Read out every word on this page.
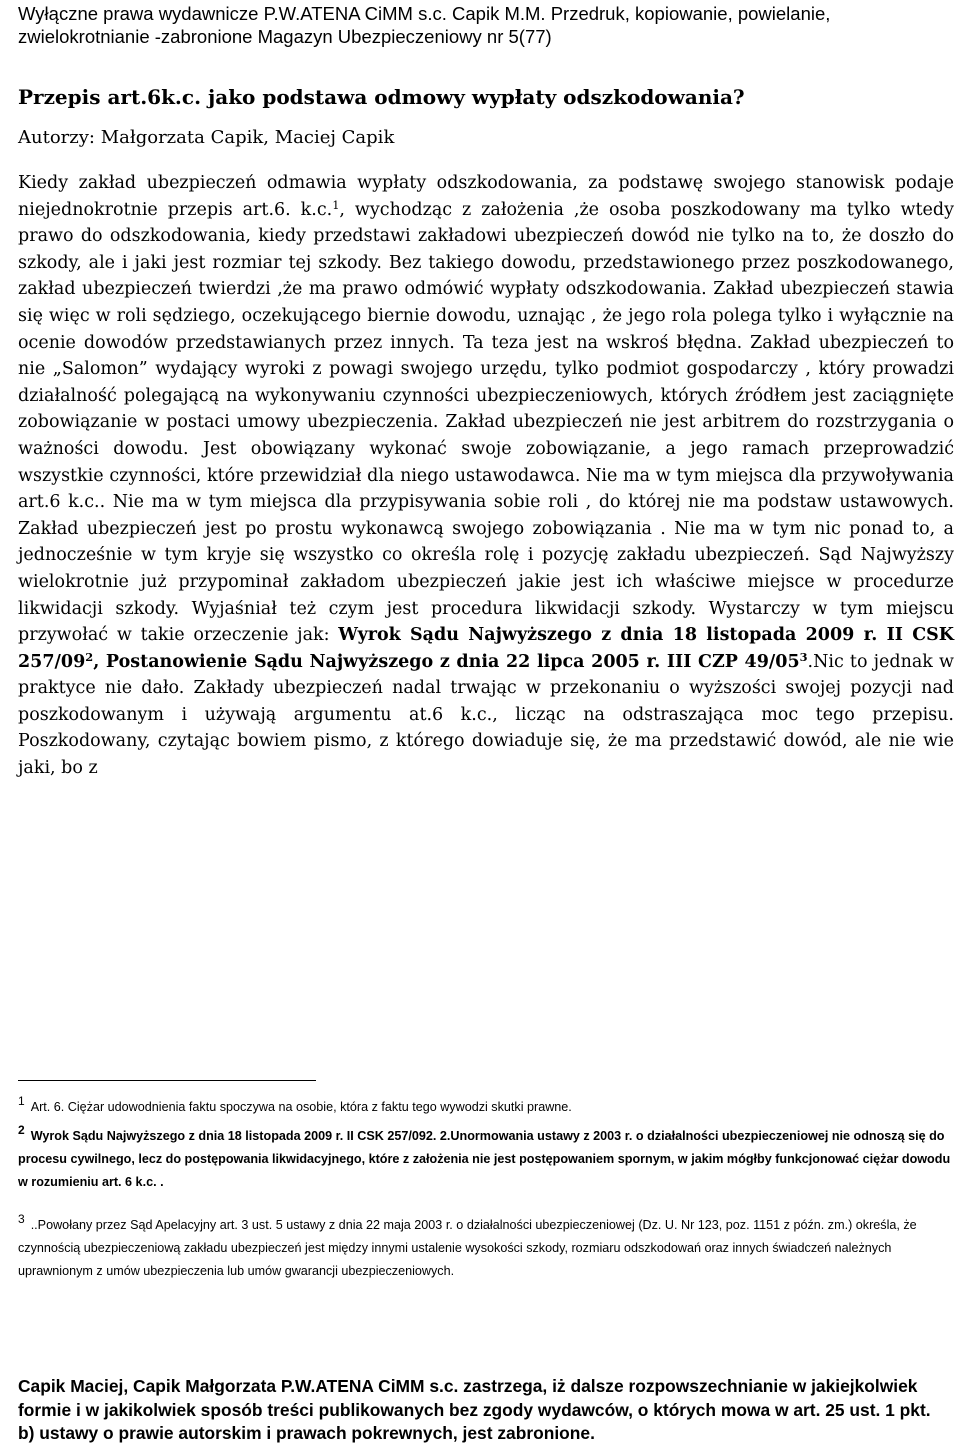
Wyłączne prawa wydawnicze P.W.ATENA CiMM s.c. Capik M.M. Przedruk, kopiowanie, powielanie, zwielokrotnianie -zabronione Magazyn Ubezpieczeniowy nr 5(77)
Przepis art.6k.c. jako podstawa odmowy wypłaty odszkodowania?
Autorzy: Małgorzata Capik, Maciej Capik
Kiedy zakład ubezpieczeń odmawia wypłaty odszkodowania, za podstawę swojego stanowisk podaje niejednokrotnie przepis art.6. k.c.$^1$, wychodząc z założenia ,że osoba poszkodowany ma tylko wtedy prawo do odszkodowania, kiedy przedstawi zakładowi ubezpieczeń dowód nie tylko na to, że doszło do szkody, ale i jaki jest rozmiar tej szkody. Bez takiego dowodu, przedstawionego przez poszkodowanego, zakład ubezpieczeń twierdzi ,że ma prawo odmówić wypłaty odszkodowania. Zakład ubezpieczeń stawia się więc w roli sędziego, oczekującego biernie dowodu, uznając , że jego rola polega tylko i wyłącznie na ocenie dowodów przedstawianych przez innych. Ta teza jest na wskroś błędna. Zakład ubezpieczeń to nie „Salomon” wydający wyroki z powagi swojego urzędu, tylko podmiot gospodarczy , który prowadzi działalność polegającą na wykonywaniu czynności ubezpieczeniowych, których źródłem jest zaciągnięte zobowiązanie w postaci umowy ubezpieczenia. Zakład ubezpieczeń nie jest arbitrem do rozstrzygania o ważności dowodu. Jest obowiązany wykonać swoje zobowiązanie, a jego ramach przeprowadzić wszystkie czynności, które przewidział dla niego ustawodawca. Nie ma w tym miejsca dla przywoływania art.6 k.c.. Nie ma w tym miejsca dla przypisywania sobie roli , do której nie ma podstaw ustawowych. Zakład ubezpieczeń jest po prostu wykonawcą swojego zobowiązania . Nie ma w tym nic ponad to, a jednocześnie w tym kryje się wszystko co określa rolę i pozycję zakładu ubezpieczeń. Sąd Najwyższy wielokrotnie już przypominał zakładom ubezpieczeń jakie jest ich właściwe miejsce w procedurze likwidacji szkody. Wyjaśniał też czym jest procedura likwidacji szkody. Wystarczy w tym miejscu przywołać w takie orzeczenie jak: Wyrok Sądu Najwyższego z dnia 18 listopada 2009 r. II CSK $257/09^2$, Postanowienie Sądu Najwyższego z dnia 22 lipca 2005 r. III CZP $49/05^3.Nic$ to jednak w praktyce nie dało. Zakłady ubezpieczeń nadal trwając w przekonaniu o wyższości swojej pozycji nad poszkodowanym i używają argumentu at.6 k.c., licząc na odstraszająca moc tego przepisu. Poszkodowany, czytając bowiem pismo, z którego dowiaduje się, że ma przedstawić dowód, ale nie wie jaki, bo z

1 Art. 6. Ciężar udowodnienia faktu spoczywa na osobie, która z faktu tego wywodzi skutki prawne.

2 Wyrok Sądu Najwyższego z dnia 18 listopada 2009 r. II CSK 257/092. 2.Unormowania ustawy z 2003 r. o działalności ubezpieczeniowej nie odnoszą się do procesu cywilnego, lecz do postępowania likwidacyjnego, które z założenia nie jest postępowaniem spornym, w jakim mógłby funkcjonować ciężar dowodu w rozumieniu art. 6 k.c. .

3 ..Powołany przez Sąd Apelacyjny art. 3 ust. 5 ustawy z dnia 22 maja 2003 r. o działalności ubezpieczeniowej (Dz. U. Nr 123, poz. 1151 z późn. zm.) określa, że czynnością ubezpieczeniową zakładu ubezpieczeń jest między innymi ustalenie wysokości szkody, rozmiaru odszkodowań oraz innych świadczeń należnych uprawnionym z umów ubezpieczenia lub umów gwarancji ubezpieczeniowych.

Capik Maciej, Capik Małgorzata P.W.ATENA CiMM s.c. zastrzega, iż dalsze rozpowszechnianie w jakiejkolwiek formie i w jakikolwiek sposób treści publikowanych bez zgody wydawców, o których mowa w art. 25 ust. 1 pkt. b) ustawy o prawie autorskim i prawach pokrewnych, jest zabronione.
